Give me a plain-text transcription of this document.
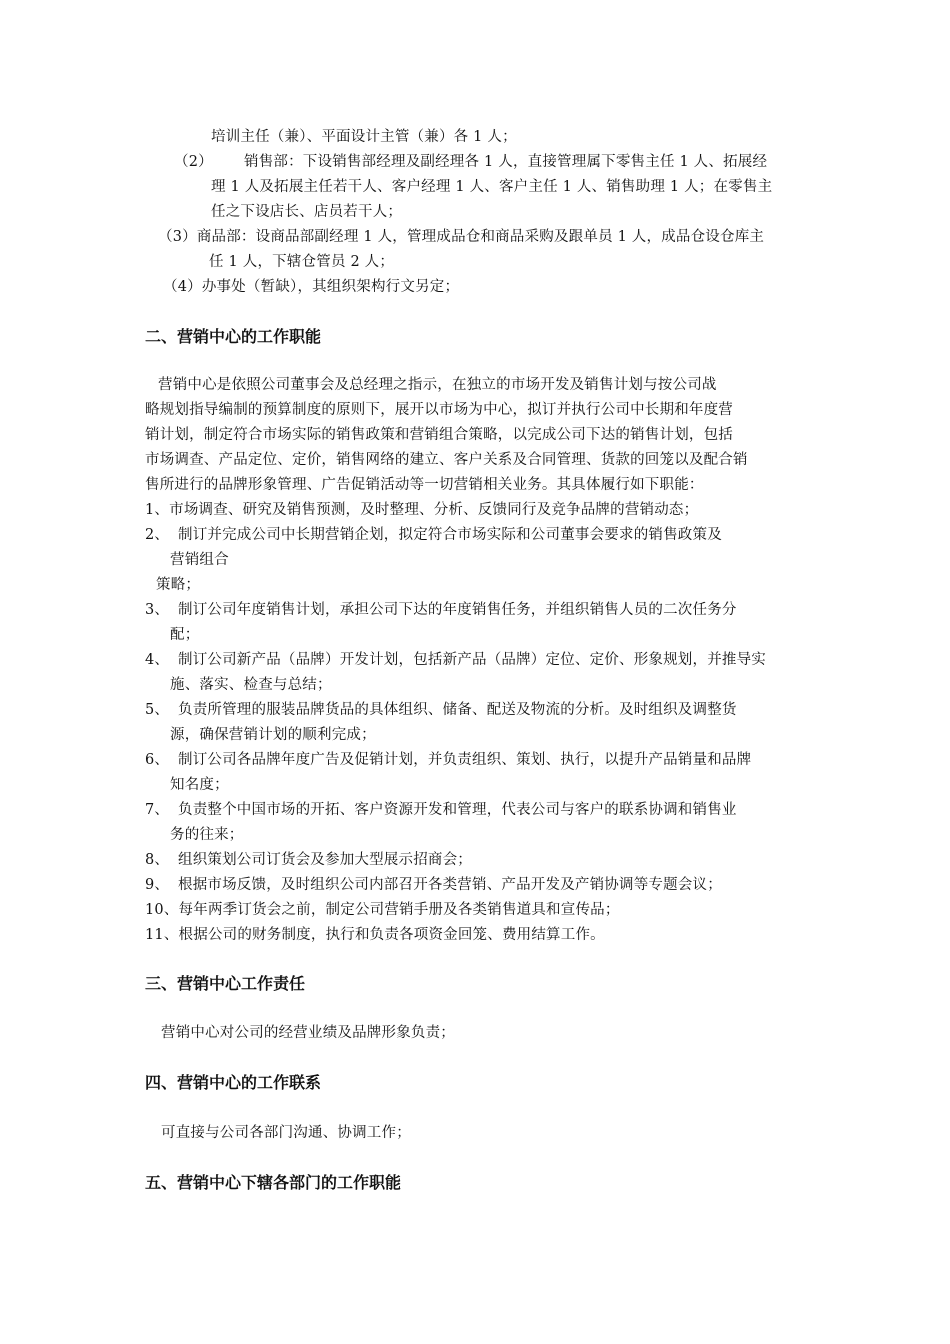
培训主任（兼）、平面设计主管（兼）各 1 人；
（2） 销售部：下设销售部经理及副经理各 1 人，直接管理属下零售主任 1 人、拓展经
理 1 人及拓展主任若干人、客户经理 1 人、客户主任 1 人、销售助理 1 人；在零售主
任之下设店长、店员若干人；
（3）商品部：设商品部副经理 1 人，管理成品仓和商品采购及跟单员 1 人，成品仓设仓库主
任 1 人，下辖仓管员 2 人；
（4）办事处（暂缺），其组织架构行文另定；
二、营销中心的工作职能
营销中心是依照公司董事会及总经理之指示，在独立的市场开发及销售计划与按公司战
略规划指导编制的预算制度的原则下，展开以市场为中心，拟订并执行公司中长期和年度营
销计划，制定符合市场实际的销售政策和营销组合策略，以完成公司下达的销售计划，包括
市场调查、产品定位、定价，销售网络的建立、客户关系及合同管理、货款的回笼以及配合销
售所进行的品牌形象管理、广告促销活动等一切营销相关业务。其具体履行如下职能：
1、市场调查、研究及销售预测，及时整理、分析、反馈同行及竞争品牌的营销动态；
2、 制订并完成公司中长期营销企划，拟定符合市场实际和公司董事会要求的销售政策及
营销组合
策略；
3、 制订公司年度销售计划，承担公司下达的年度销售任务，并组织销售人员的二次任务分
配；
4、 制订公司新产品（品牌）开发计划，包括新产品（品牌）定位、定价、形象规划，并推导实
施、落实、检查与总结；
5、 负责所管理的服装品牌货品的具体组织、储备、配送及物流的分析。及时组织及调整货
源，确保营销计划的顺利完成；
6、 制订公司各品牌年度广告及促销计划，并负责组织、策划、执行，以提升产品销量和品牌
知名度；
7、 负责整个中国市场的开拓、客户资源开发和管理，代表公司与客户的联系协调和销售业
务的往来；
8、 组织策划公司订货会及参加大型展示招商会；
9、 根据市场反馈，及时组织公司内部召开各类营销、产品开发及产销协调等专题会议；
10、每年两季订货会之前，制定公司营销手册及各类销售道具和宣传品；
11、根据公司的财务制度，执行和负责各项资金回笼、费用结算工作。
三、营销中心工作责任
营销中心对公司的经营业绩及品牌形象负责；
四、营销中心的工作联系
可直接与公司各部门沟通、协调工作；
五、营销中心下辖各部门的工作职能
